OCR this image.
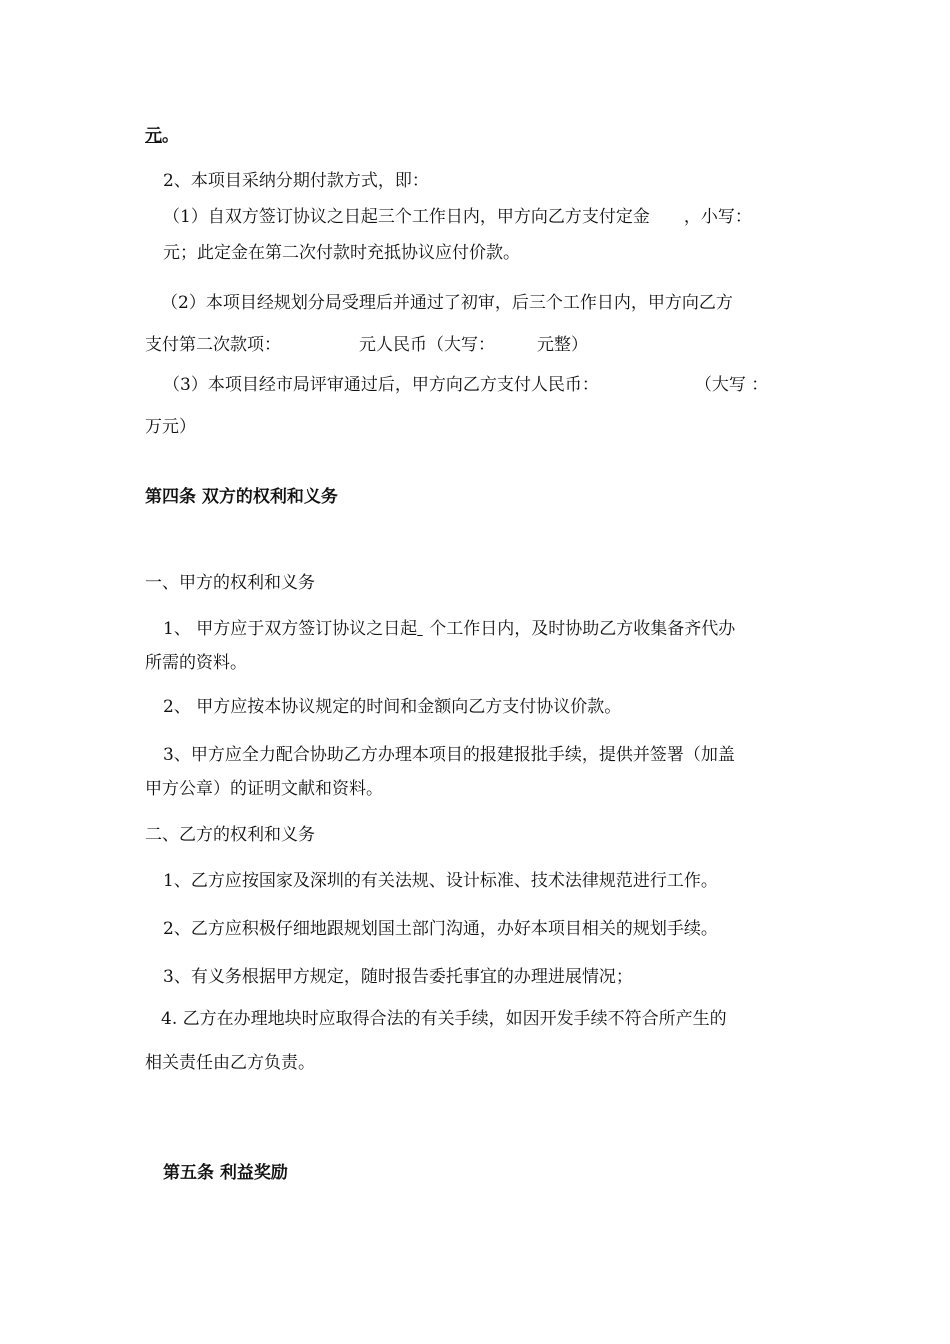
元。
2、本项目采纳分期付款方式，即：
（1）自双方签订协议之日起三个工作日内，甲方向乙方支付定金 ，小写：
元；此定金在第二次付款时充抵协议应付价款。
（2）本项目经规划分局受理后并通过了初审，后三个工作日内，甲方向乙方
支付第二次款项：	元人民币（大写： 元整）
（3）本项目经市局评审通过后，甲方向乙方支付人民币：	（大写 ：
万元）
第四条 双方的权利和义务
一、甲方的权利和义务
1、 甲方应于双方签订协议之日起 个工作日内，及时协助乙方收集备齐代办
所需的资料。
2、 甲方应按本协议规定的时间和金额向乙方支付协议价款。
3、甲方应全力配合协助乙方办理本项目的报建报批手续，提供并签署（加盖
甲方公章）的证明文献和资料。
二、乙方的权利和义务
1、乙方应按国家及深圳的有关法规、设计标准、技术法律规范进行工作。
2、乙方应积极仔细地跟规划国土部门沟通，办好本项目相关的规划手续。
3、有义务根据甲方规定，随时报告委托事宜的办理进展情况；
4. 乙方在办理地块时应取得合法的有关手续，如因开发手续不符合所产生的
相关责任由乙方负责。
第五条 利益奖励
